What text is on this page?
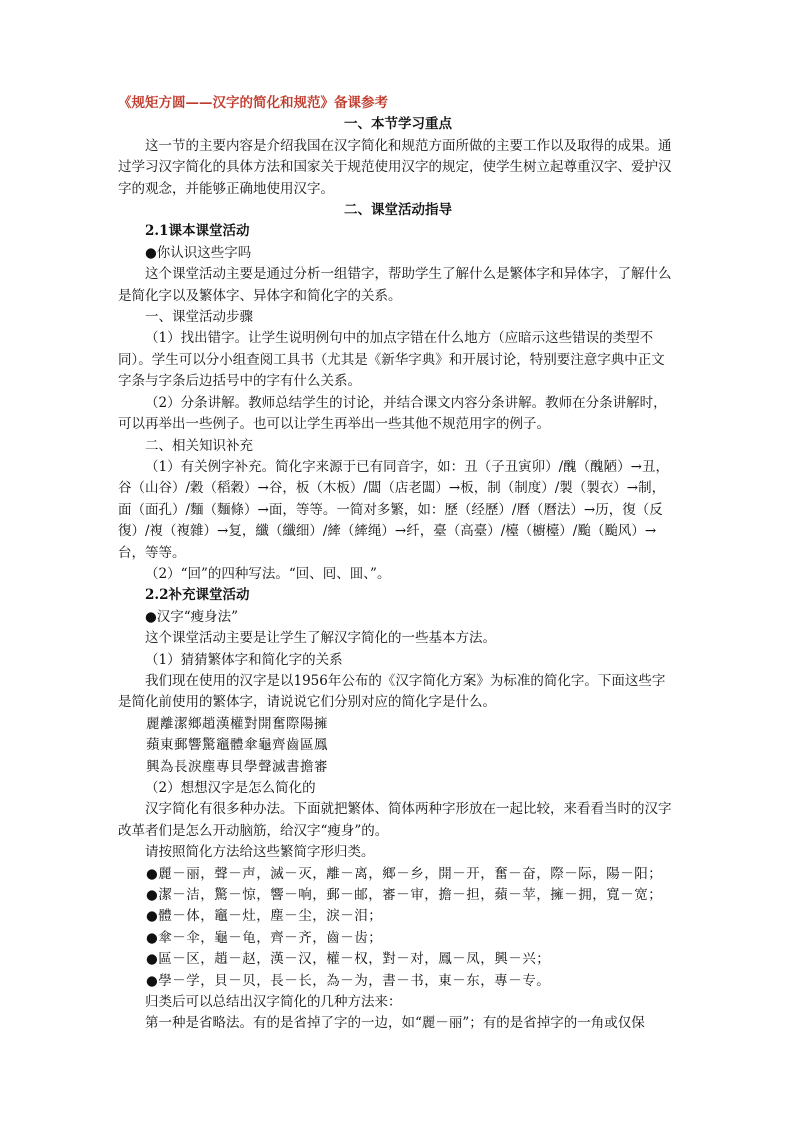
《规矩方圆——汉字的简化和规范》备课参考

一、本节学习重点

这一节的主要内容是介绍我国在汉字简化和规范方面所做的主要工作以及取得的成果。通过学习汉字简化的具体方法和国家关于规范使用汉字的规定，使学生树立起尊重汉字、爱护汉字的观念，并能够正确地使用汉字。

二、课堂活动指导

2.1课本课堂活动

●你认识这些字吗

这个课堂活动主要是通过分析一组错字，帮助学生了解什么是繁体字和异体字，了解什么是简化字以及繁体字、异体字和简化字的关系。

一、课堂活动步骤

（1）找出错字。让学生说明例句中的加点字错在什么地方（应暗示这些错误的类型不同）。学生可以分小组查阅工具书（尤其是《新华字典》和开展讨论，特别要注意字典中正文字条与字条后边括号中的字有什么关系。

（2）分条讲解。教师总结学生的讨论，并结合课文内容分条讲解。教师在分条讲解时，可以再举出一些例子。也可以让学生再举出一些其他不规范用字的例子。

二、相关知识补充

（1）有关例字补充。简化字来源于已有同音字，如：丑（子丑寅卯）/醜（醜陋）→丑，谷（山谷）/穀（稻穀）→谷，板（木板）/闆（店老闆）→板，制（制度）/製（製衣）→制，面（面孔）/麵（麵條）→面，等等。一简对多繁，如：歷（经歷）/曆（曆法）→历，復（反復）/複（複雜）→复，纖（纖细）/縴（縴绳）→纤，臺（高臺）/檯（櫥檯）/颱（颱风）→台，等等。

（2）“回”的四种写法。“回、囘、囬、”。

2.2补充课堂活动

●汉字“瘦身法”

这个课堂活动主要是让学生了解汉字简化的一些基本方法。

（1）猜猜繁体字和简化字的关系

我们现在使用的汉字是以1956年公布的《汉字简化方案》为标准的简化字。下面这些字是简化前使用的繁体字，请说说它们分别对应的简化字是什么。

麗離潔鄉趙漢權對開奮際陽擁

蘋東郵響驚竈體傘龜齊齒區鳳

興為長淚塵專貝學聲滅書擔審

（2）想想汉字是怎么简化的

汉字简化有很多种办法。下面就把繁体、简体两种字形放在一起比较，来看看当时的汉字改革者们是怎么开动脑筋，给汉字“瘦身”的。

请按照简化方法给这些繁简字形归类。

●麗－丽，聲－声，滅－灭，離－离，鄉－乡，開－开，奮－奋，際－际，陽－阳；

●潔－洁，驚－惊，響－响，郵－邮，審－审，擔－担，蘋－苹，擁－拥，寬－宽；

●體－体，竈－灶，塵－尘，淚－泪；

●傘－伞，龜－龟，齊－齐，齒－齿；

●區－区，趙－赵，漢－汉，權－权，對－对，鳳－凤，興－兴；

●學－学，貝－贝，長－长，為－为，書－书，東－东，專－专。

归类后可以总结出汉字简化的几种方法来：

第一种是省略法。有的是省掉了字的一边，如“麗－丽”；有的是省掉字的一角或仅保
